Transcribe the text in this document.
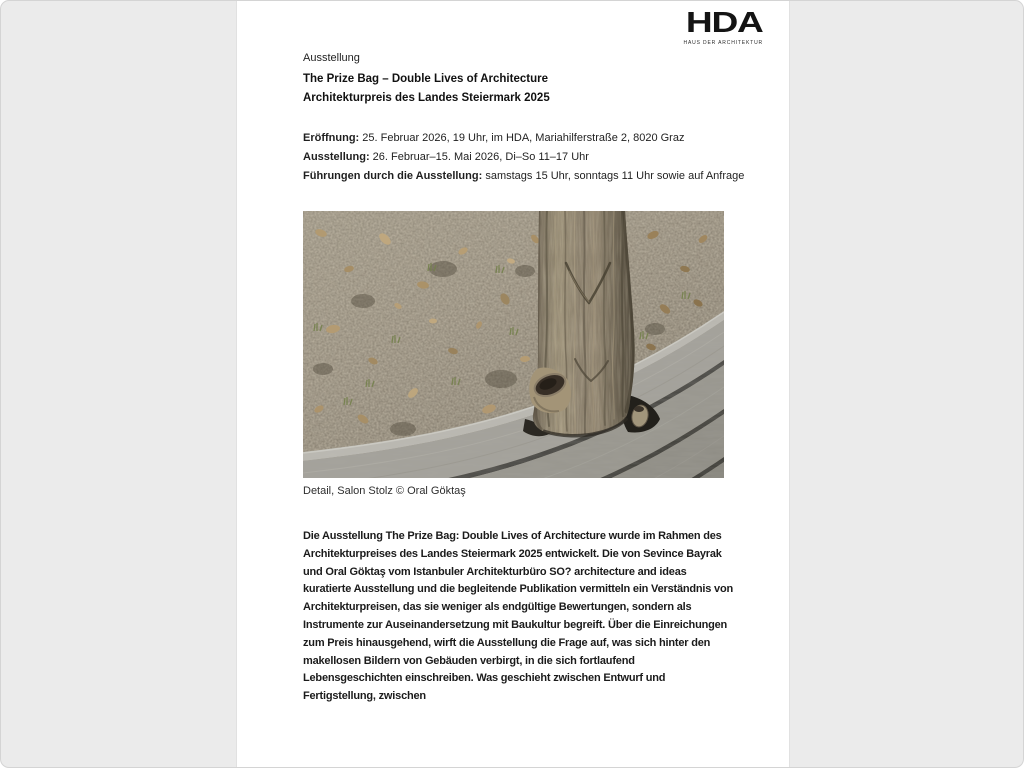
HDA
HAUS DER ARCHITEKTUR
Ausstellung
The Prize Bag – Double Lives of Architecture
Architekturpreis des Landes Steiermark 2025
Eröffnung: 25. Februar 2026, 19 Uhr, im HDA, Mariahilferstraße 2, 8020 Graz
Ausstellung: 26. Februar–15. Mai 2026, Di–So 11–17 Uhr
Führungen durch die Ausstellung: samstags 15 Uhr, sonntags 11 Uhr sowie auf Anfrage
Detail, Salon Stolz © Oral Göktaş
Die Ausstellung The Prize Bag: Double Lives of Architecture wurde im Rahmen des Architekturpreises des Landes Steiermark 2025 entwickelt. Die von Sevince Bayrak und Oral Göktaş vom Istanbuler Architekturbüro SO? architecture and ideas kuratierte Ausstellung und die begleitende Publikation vermitteln ein Verständnis von Architekturpreisen, das sie weniger als endgültige Bewertungen, sondern als Instrumente zur Auseinandersetzung mit Baukultur begreift. Über die Einreichungen zum Preis hinausgehend, wirft die Ausstellung die Frage auf, was sich hinter den makellosen Bildern von Gebäuden verbirgt, in die sich fortlaufend Lebensgeschichten einschreiben. Was geschieht zwischen Entwurf und Fertigstellung, zwischen
